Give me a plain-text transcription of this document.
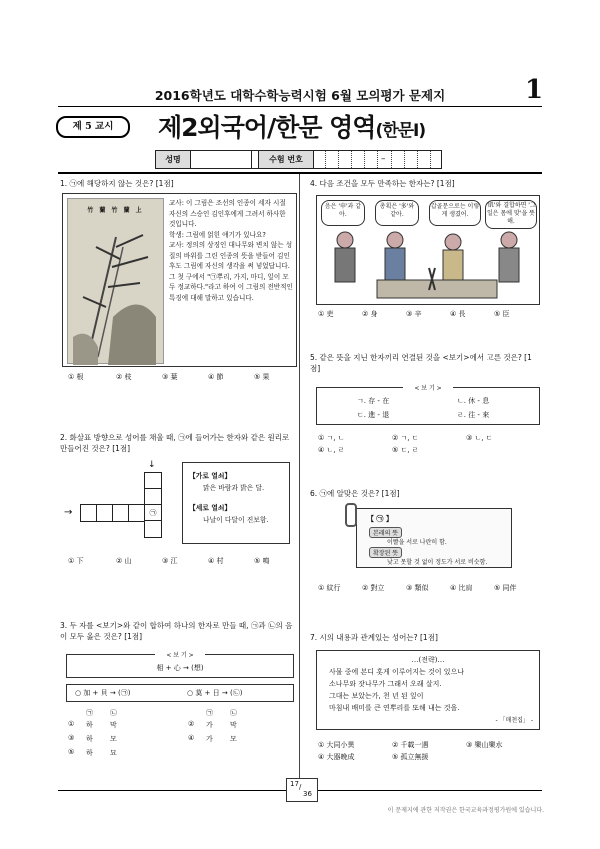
2016학년도 대학수학능력시험 6월 모의평가 문제지	1
제 5 교시	제2외국어/한문 영역(한문Ⅰ)
성명	수험 번호	–
1. ㉠에 해당하지 않는 것은? [1점]
竹 蘭 竹 蘭 上
교사: 이 그림은 조선의 인종이 세자 시절 자신의 스승인 김인후에게 그려서 하사한 것입니다.
학생: 그림에 얽힌 얘기가 있나요?
교사: 정의의 상징인 대나무와 변치 않는 성질의 바위를 그린 인종의 뜻을 받들어 김인후도 그림에 자신의 생각을 써 넣었답니다. 그 첫 구에서 "㉠뿌리, 가지, 마디, 잎이 모두 정교하다."라고 하여 이 그림의 전반적인 특징에 대해 말하고 있습니다.
① 根	② 枝	③ 葉	④ 節	⑤ 果
2. 화살표 방향으로 성어를 채울 때, ㉠에 들어가는 한자와 같은 원리로 만들어진 것은? [1점]
㉠
→
↓
【가로 열쇠】
맑은 바람과 밝은 달.
【세로 열쇠】
나날이 다달이 진보함.
① 下	② 山	③ 江	④ 村	⑤ 鳴
3. 두 자를 <보기>와 같이 합하여 하나의 한자로 만들 때, ㉠과 ㉡의 음이 모두 옳은 것은? [1점]
< 보 기 >
相 + 心 → (想)
○ 加 + 貝 → (㉠)	○ 莫 + 日 → (㉡)
㉠ ㉡	㉠ ㉡
① 하 막	② 가 막
③ 하 모	④ 가 모
⑤ 하 묘
4. 다음 조건을 모두 만족하는 한자는? [1점]
음은 '申'과 같아.
총획은 '多'와 같아.
갑골문으로는 이렇게 생겼어.
'肌'와 결합하면 '그 일은 몸에 맞'을 뜻해.
① 吏	② 身	③ 辛	④ 長	⑤ 臣
5. 같은 뜻을 지닌 한자끼리 연결된 것을 <보기>에서 고른 것은? [1점]
< 보 기 >
ㄱ. 存 - 在	ㄴ. 休 - 息
ㄷ. 進 - 退	ㄹ. 往 - 來
① ㄱ, ㄴ	② ㄱ, ㄷ	③ ㄴ, ㄷ
④ ㄴ, ㄹ	⑤ ㄷ, ㄹ
6. ㉠에 알맞은 것은? [1점]
【 ㉠ 】
본래의 뜻
이빨을 서로 나란히 함.
확장된 뜻
낮고 못할 것 없이 정도가 서로 비슷함.
① 紋行	② 對立	③ 類似	④ 比肩	⑤ 同伴
7. 시의 내용과 관계있는 성어는? [1점]
…(전략)…
사물 중에 본디 홋게 이루어지는 것이 있으나
소나무와 잣나무가 그래서 오래 살지.
그대는 보았는가, 천 년 된 잎이
마침내 배미를 큰 연뿌리를 또해 내는 것을.
- 「매천집」 -
① 大同小異	② 千載一遇	③ 樂山樂水
④ 大器晩成	⑤ 孤立無援
17 /
36
이 문제지에 관한 저작권은 한국교육과정평가원에 있습니다.
